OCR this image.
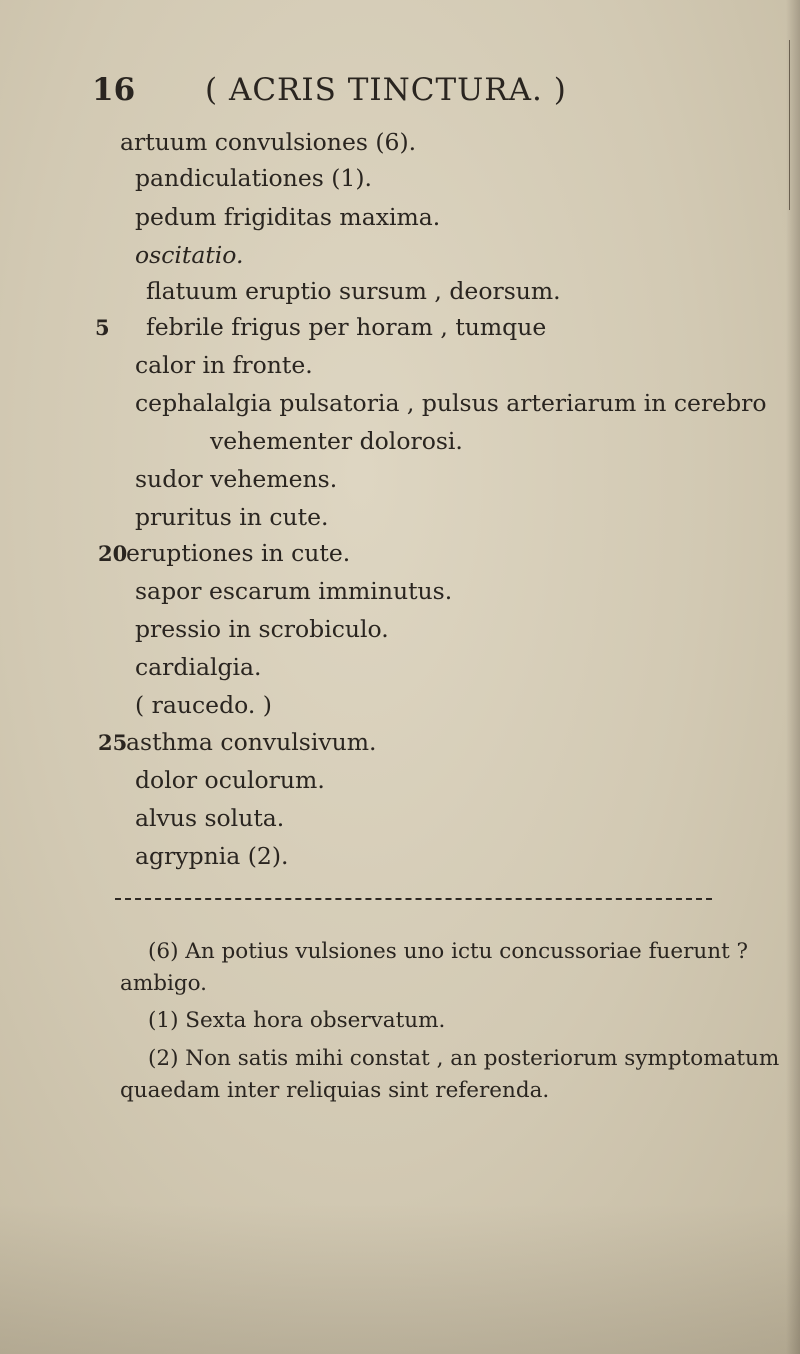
16 ( ACRIS TINCTURA. )
artuum convulsiones (6).
pandiculationes (1).
pedum frigiditas maxima.
oscitatio.
flatuum eruptio sursum , deorsum.
5 febrile frigus per horam , tumque
calor in fronte.
cephalalgia pulsatoria , pulsus arteriarum in cerebro
vehementer dolorosi.
sudor vehemens.
pruritus in cute.
20
eruptiones in cute.
sapor escarum imminutus.
pressio in scrobiculo.
cardialgia.
( raucedo. )
25
asthma convulsivum.
dolor oculorum.
alvus soluta.
agrypnia (2).
(6) An potius vulsiones uno ictu concussoriae fuerunt ?
ambigo.
(1) Sexta hora observatum.
(2) Non satis mihi constat , an posteriorum symptomatum
quaedam inter reliquias sint referenda.
